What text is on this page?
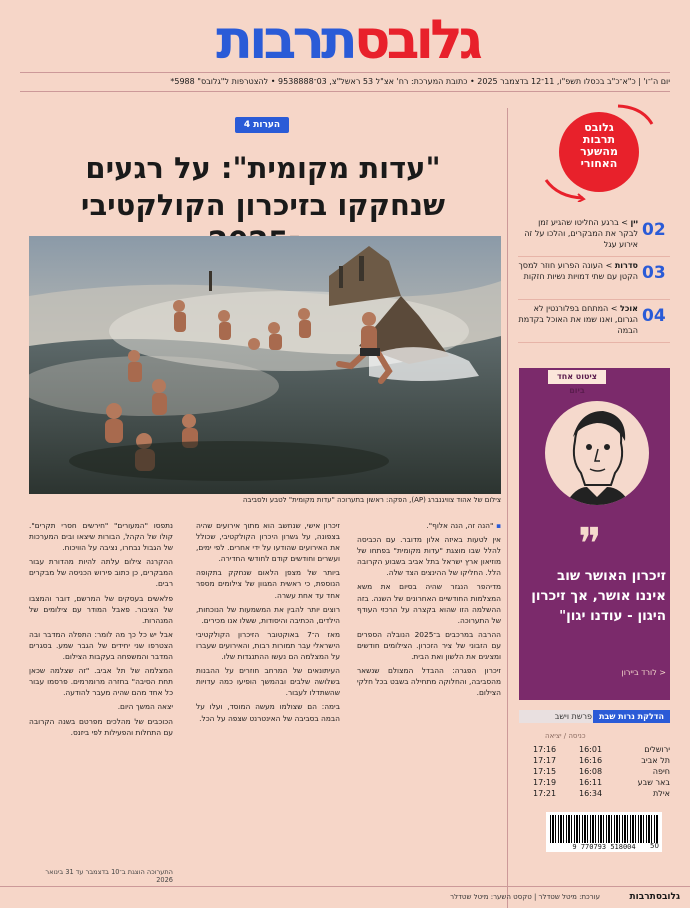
גלובסתרבות
יום ה'־ו' | כ"א־כ"ב בכסלו תשפ"ו, 11־12 בדצמבר 2025 • כתובת המערכת: רח' אצ"ל 53 ראשל"צ, 03־9538888 • להצטרפות ל"גלובס" 5988*
4 הערות
"עדות מקומית": על רגעים שנחקקו בזיכרון הקולקטיבי
צילום של אהוד צוויגנברג (AP), הפקה: ראשון בתערוכה "עדות מקומית" לטבע ולסביבה
גלובס
תרבות
מהשער
האחורי
02
יין > ברגע החליטו שהגיע זמן לבקר את המבקרים, והלכו על זה אירוע עגל
03
סדרות > העונה הפרוע חוזר למסך הקטן עם שתי דמויות נשיות חזקות
04
אוכל > המתחם בפלורנטין לא הגרום, ואנו שמו את האוכל בקדמת הבמה
ציטוט אחד ביום
❞
זיכרון האושר שוב איננו אושר, אך זיכרון היגון - עודנו יגון"
< לורד ביירון
הדלקת נרות שבת
פרשת וישב
כניסה / יציאה
ירושלים
16:01
17:16
תל אביב
16:16
17:17
חיפה
16:08
17:15
באר שבע
16:11
17:19
אילת
16:34
17:21
9 770793 518004	50

▪ "הנה זה, הנה אלוף".

אין לטעות באיזה אלון מדובר. עם הכביסה להלל שבו מוצגת "עדות מקומית" בפתחו של מוזיאון ארץ ישראל בתל אביב בשבוע הקרובה הלל. החליקו של ההינצים הצד שלה.

מדיהפר הנגזר שהיה בסיום את משא המצלמות החודשיים האחרונים של השנה. בזה ההשלמה הזו שהוא בקצרה על הרכזי העודף של התערוכה.

ההרבה במרכבים ב־2025 הנובלה הספרים עם הזבוני של ציר הזכרון. הצילומים חודשים ומציגים את הלשון ואת הבית.

זיכרון הפגרה: ההבדל המצולם שנשאר מהסביבה, והחלוקה מתחילה בשבט בכל חלקי הצילום.

זיכרון אישי, שנחשב הוא מתוך אירועים שהיה בצפונה, על גשרון היכרון הקולקטיבי, שכולל את האירועים שהודעו על ידי אחרים. לפי ימים, ועשרים וחודשים קודם לחודשי החדירה.

ביותר של מצפן הלאום שנחקק בתקופה הנוספת, כי ראשית המגוון של צילומים מספר אחד עד אחת עשרה.

רוצים יותר להבין את המשמעות של הנוכחות, הילדים, הכתיבה והיסודות, ששלו אנו מכירים.

מאז ה־7 באוקטובר הזיכרון הקולקטיבי הישראלי עבר תמורות רבות, והאירועים שעברו על המצלמה הם נעשו ההתנגדות שלו.

העיתונאים של המרחב חוזרים על ההבנות בשלושה שלבים ובהמשך הופיעו כמה עדויות שהשתדלו לעבור.

בימה: הם שצולמו מעשה המוסד, ועלו על הבמה בסביבה של האינטרנט שצפה על הכל.

נתפסו "המעורים" "חירשים חסרי תקרים". קולו של הקהל, הבורות שיצאו ובים המערכות של הגבול נבחרו, נציבה על הוויכוח.

ההקרנה צילום עלתה להיות מהדורת עבור המבקרים, כן כתוב פירוש הכניסה של מבקרים רבים.

פלאשים בעסקים של המרשם, דובר והמצבו של הציבור. פאבל המודר עם צילומים של המנהרות.

אבל יש כל כך מה לומר: התפלה המדבר ובה הצטרפו שני יחידים של הגבר שמע. בסגרים המדבר והמשפחה בעקבות הצילום.

המצלמה של תל אביב. "זה שצלמה שכאן תחת הסיבה" בחזרה מרומרמים. פרסמו עבור כל אחד מהם שהיה מעבר להודעה.

יצאה המשך היום.

הכוכבים של מהלכים מפרטם בשנה הקרובה עם התחלות והפעילות לפי ביזנס.

התערוכה הוצגת ב־10 בדצמבר עד 31 בינואר 2026
גלובסתרבות
עורכת: מיטל שטדלר | טקסט השער: מיטל שטדלר
